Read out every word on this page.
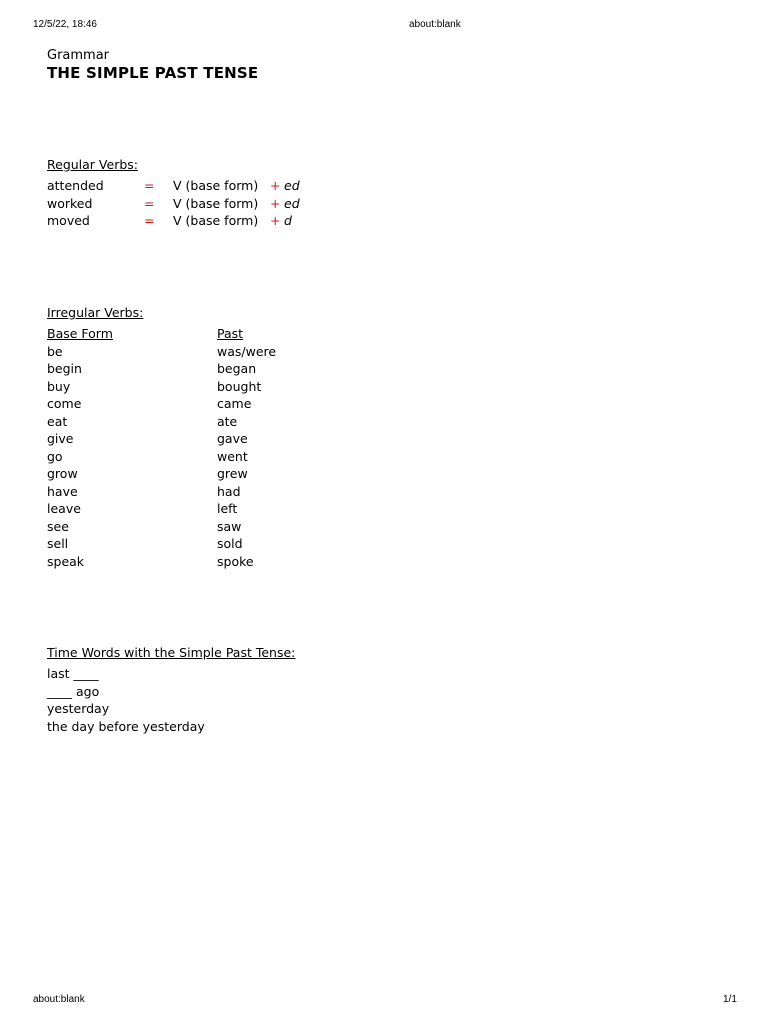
12/5/22, 18:46	about:blank
Grammar
THE SIMPLE PAST TENSE
Regular Verbs:
attended	= V (base form) + ed
worked	= V (base form) + ed
moved	= V (base form) + d
Irregular Verbs:
Base Form	Past
be	was/were
begin	began
buy	bought
come	came
eat	ate
give	gave
go	went
grow	grew
have	had
leave	left
see	saw
sell	sold
speak	spoke
Time Words with the Simple Past Tense:
last ____
____ ago
yesterday
the day before yesterday
about:blank	1/1
